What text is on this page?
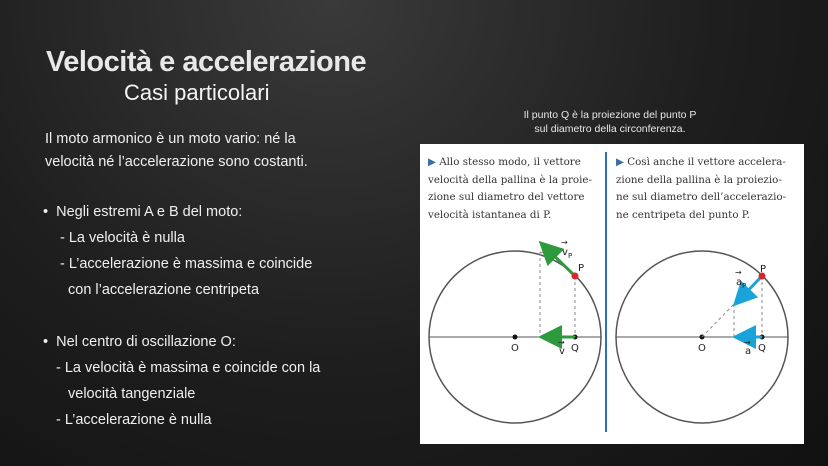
Velocità e accelerazione
Casi particolari
Il moto armonico è un moto vario: né la velocità né l’accelerazione sono costanti.
• Negli estremi A e B del moto:
- La velocità è nulla
- L’accelerazione è massima e coincide
con l’accelerazione centripeta
• Nel centro di oscillazione O:
- La velocità è massima e coincide con la
velocità tangenziale
- L’accelerazione è nulla
Il punto Q è la proiezione del punto P
sul diametro della circonferenza.
▶ Allo stesso modo, il vettore
velocità della pallina è la proie-
zione sul diametro del vettore
velocità istantanea di P.
▶ Così anche il vettore accelera-
zione della pallina è la proiezio-
ne sul diametro dell’accelerazio-
ne centripeta del punto P.
P
Q
O
v P
→
v
→
P
Q
O
a P
→
a
→
